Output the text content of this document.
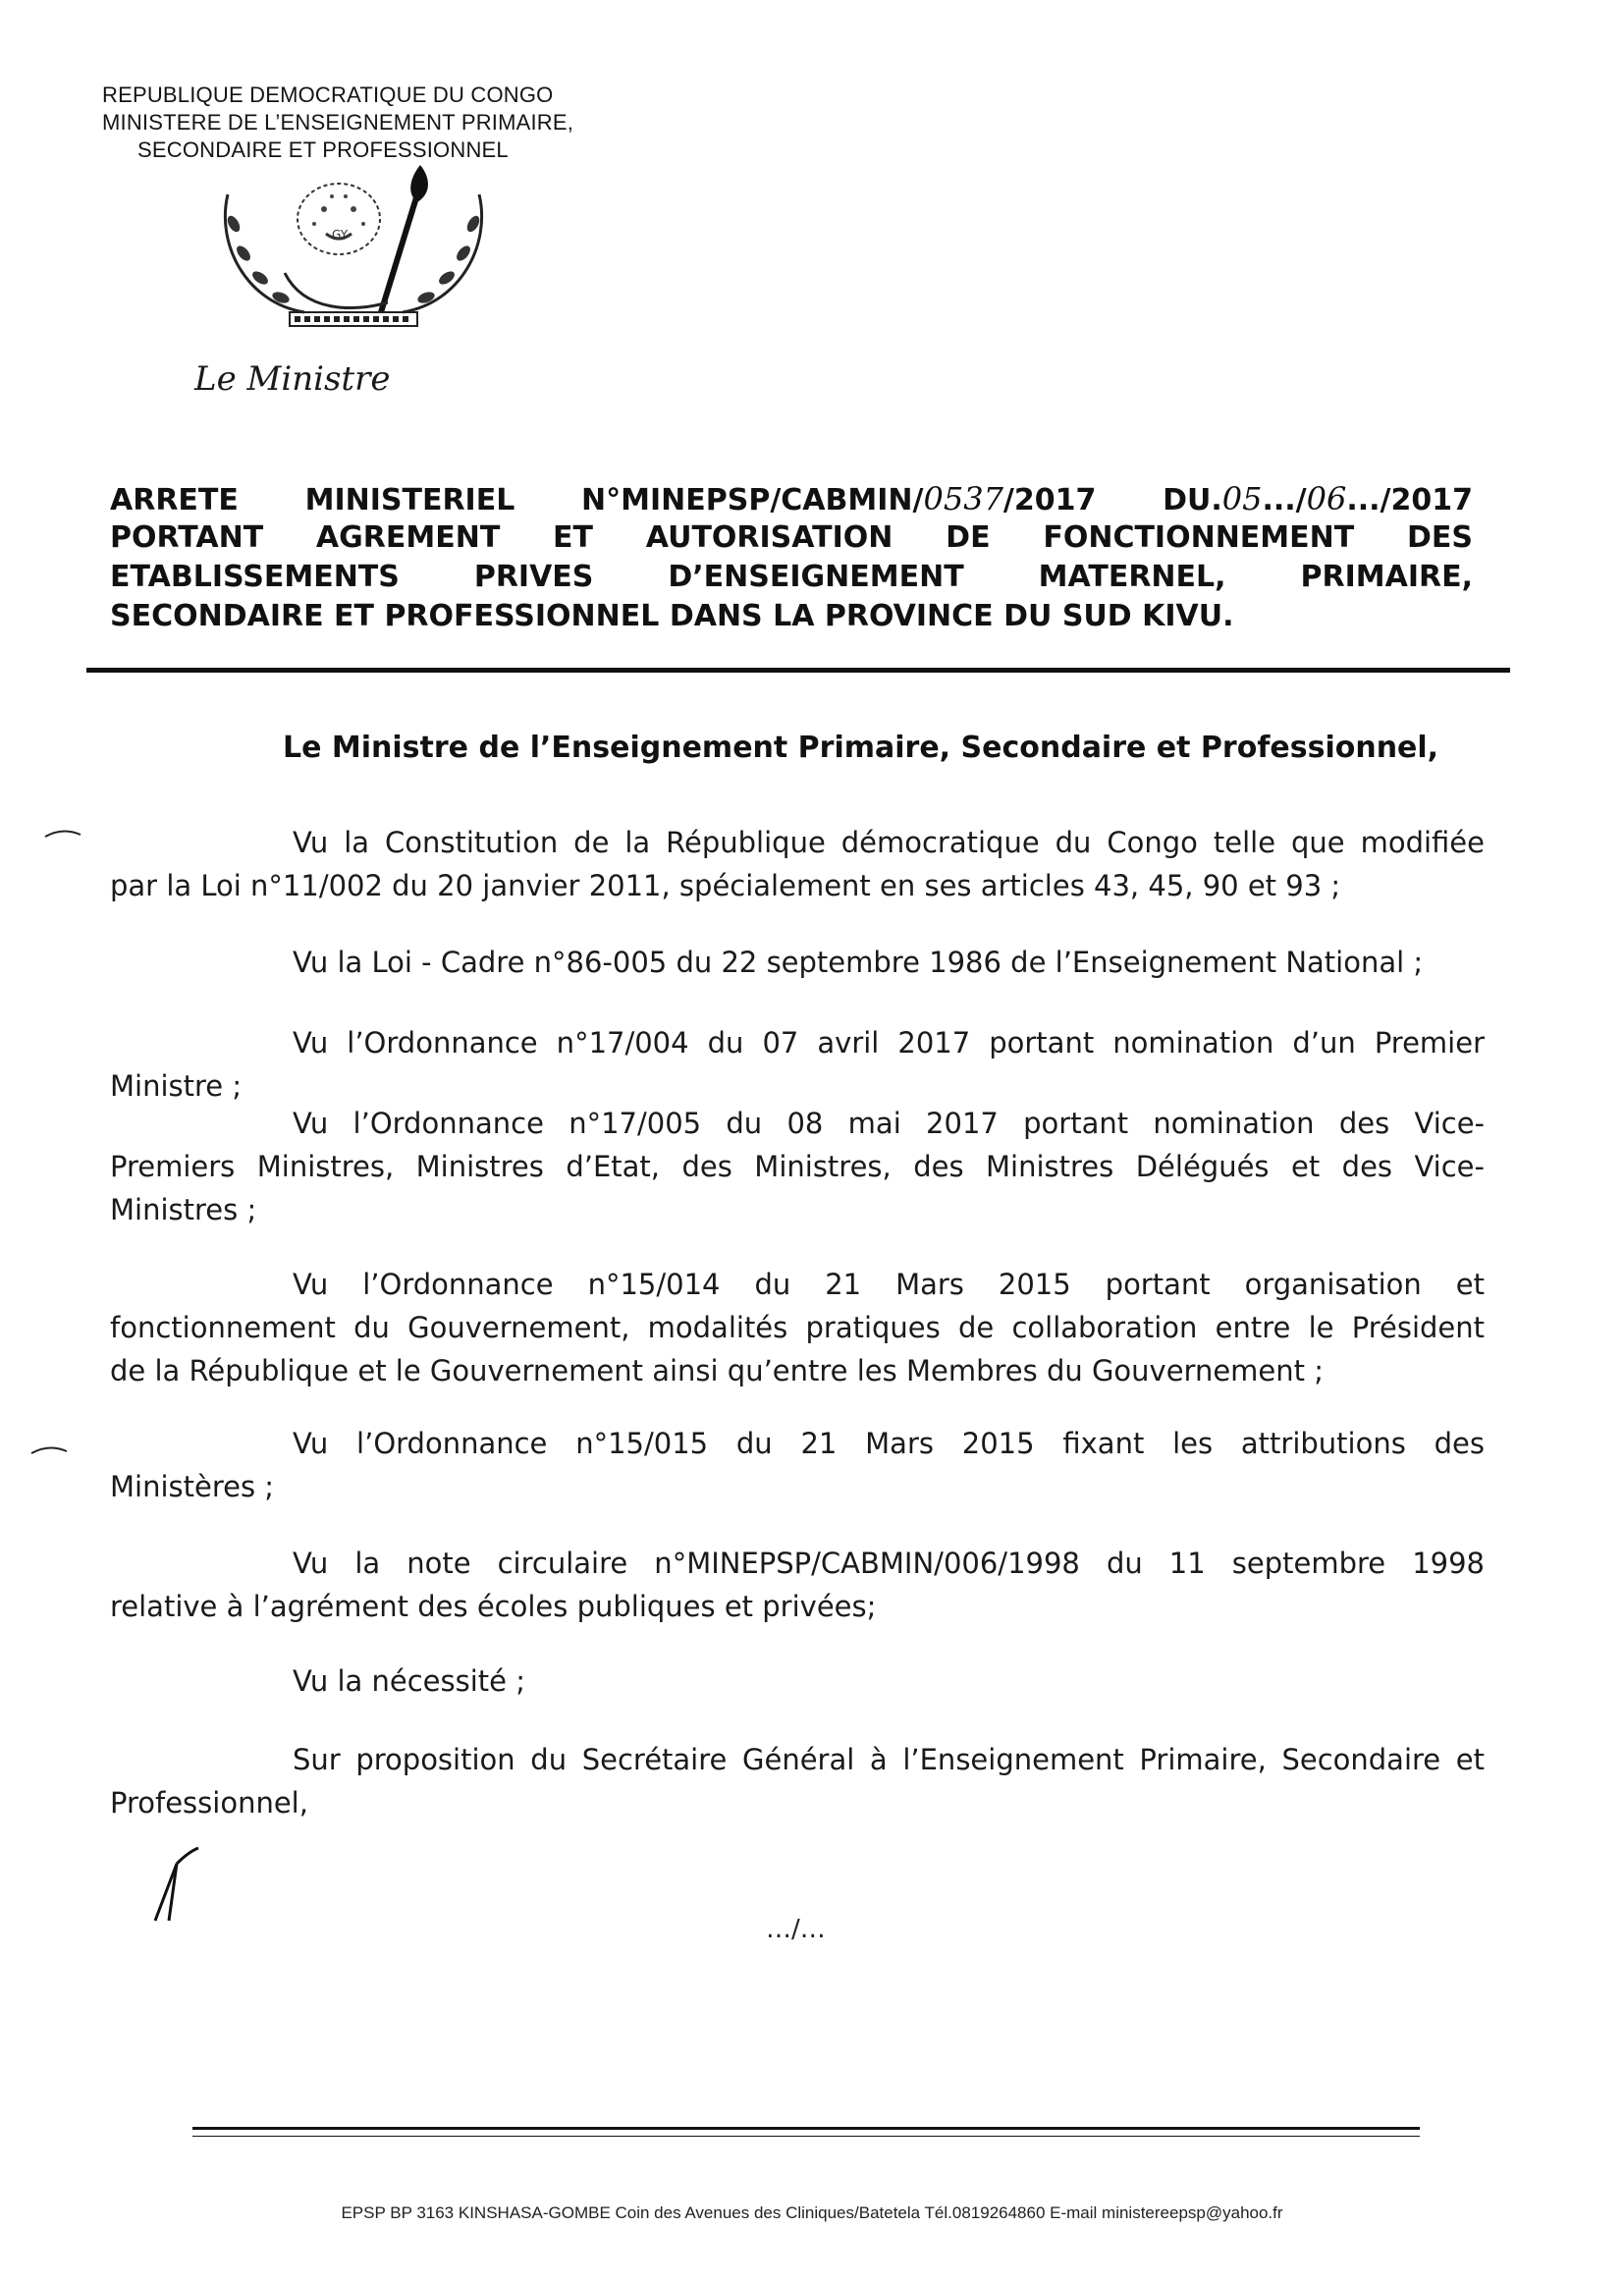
REPUBLIQUE DEMOCRATIQUE DU CONGO
MINISTERE DE L’ENSEIGNEMENT PRIMAIRE,
SECONDAIRE ET PROFESSIONNEL
GY
Le Ministre
ARRETE MINISTERIEL N°MINEPSP/CABMIN/0537/2017 DU.05.../06.../2017
PORTANT AGREMENT ET AUTORISATION DE FONCTIONNEMENT DES
ETABLISSEMENTS PRIVES D’ENSEIGNEMENT MATERNEL, PRIMAIRE,
SECONDAIRE ET PROFESSIONNEL DANS LA PROVINCE DU SUD KIVU.
Le Ministre de l’Enseignement Primaire, Secondaire et Professionnel,
Vu la Constitution de la République démocratique du Congo telle que modifiée
par la Loi n°11/002 du 20 janvier 2011, spécialement en ses articles 43, 45, 90 et 93 ;
Vu la Loi - Cadre n°86-005 du 22 septembre 1986 de l’Enseignement National ;
Vu l’Ordonnance n°17/004 du 07 avril 2017 portant nomination d’un Premier
Ministre ;
Vu l’Ordonnance n°17/005 du 08 mai 2017 portant nomination des Vice-
Premiers Ministres, Ministres d’Etat, des Ministres, des Ministres Délégués et des Vice-
Ministres ;
Vu l’Ordonnance n°15/014 du 21 Mars 2015 portant organisation et
fonctionnement du Gouvernement, modalités pratiques de collaboration entre le Président
de la République et le Gouvernement ainsi qu’entre les Membres du Gouvernement ;
Vu l’Ordonnance n°15/015 du 21 Mars 2015 fixant les attributions des
Ministères ;
Vu la note circulaire n°MINEPSP/CABMIN/006/1998 du 11 septembre 1998
relative à l’agrément des écoles publiques et privées;
Vu la nécessité ;
Sur proposition du Secrétaire Général à l’Enseignement Primaire, Secondaire et
Professionnel,
…/…
EPSP BP 3163 KINSHASA-GOMBE Coin des Avenues des Cliniques/Batetela Tél.0819264860 E-mail ministereepsp@yahoo.fr
